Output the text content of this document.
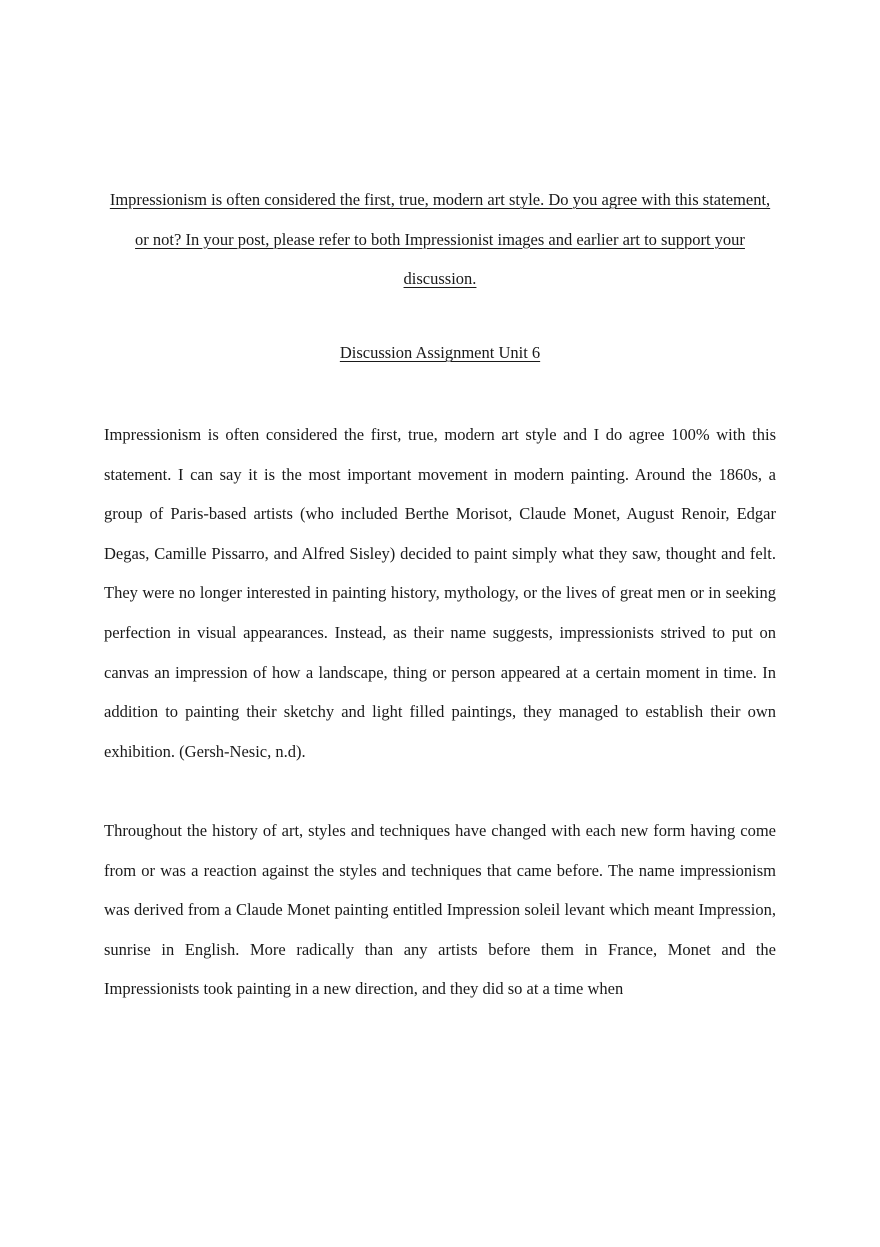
Impressionism is often considered the first, true, modern art style. Do you agree with this statement, or not? In your post, please refer to both Impressionist images and earlier art to support your discussion.
Discussion Assignment Unit 6

Impressionism is often considered the first, true, modern art style and I do agree 100% with this statement. I can say it is the most important movement in modern painting. Around the 1860s, a group of Paris-based artists (who included Berthe Morisot, Claude Monet, August Renoir, Edgar Degas, Camille Pissarro, and Alfred Sisley) decided to paint simply what they saw, thought and felt. They were no longer interested in painting history, mythology, or the lives of great men or in seeking perfection in visual appearances. Instead, as their name suggests, impressionists strived to put on canvas an impression of how a landscape, thing or person appeared at a certain moment in time. In addition to painting their sketchy and light filled paintings, they managed to establish their own exhibition. (Gersh-Nesic, n.d).

Throughout the history of art, styles and techniques have changed with each new form having come from or was a reaction against the styles and techniques that came before. The name impressionism was derived from a Claude Monet painting entitled Impression soleil levant which meant Impression, sunrise in English. More radically than any artists before them in France, Monet and the Impressionists took painting in a new direction, and they did so at a time when
